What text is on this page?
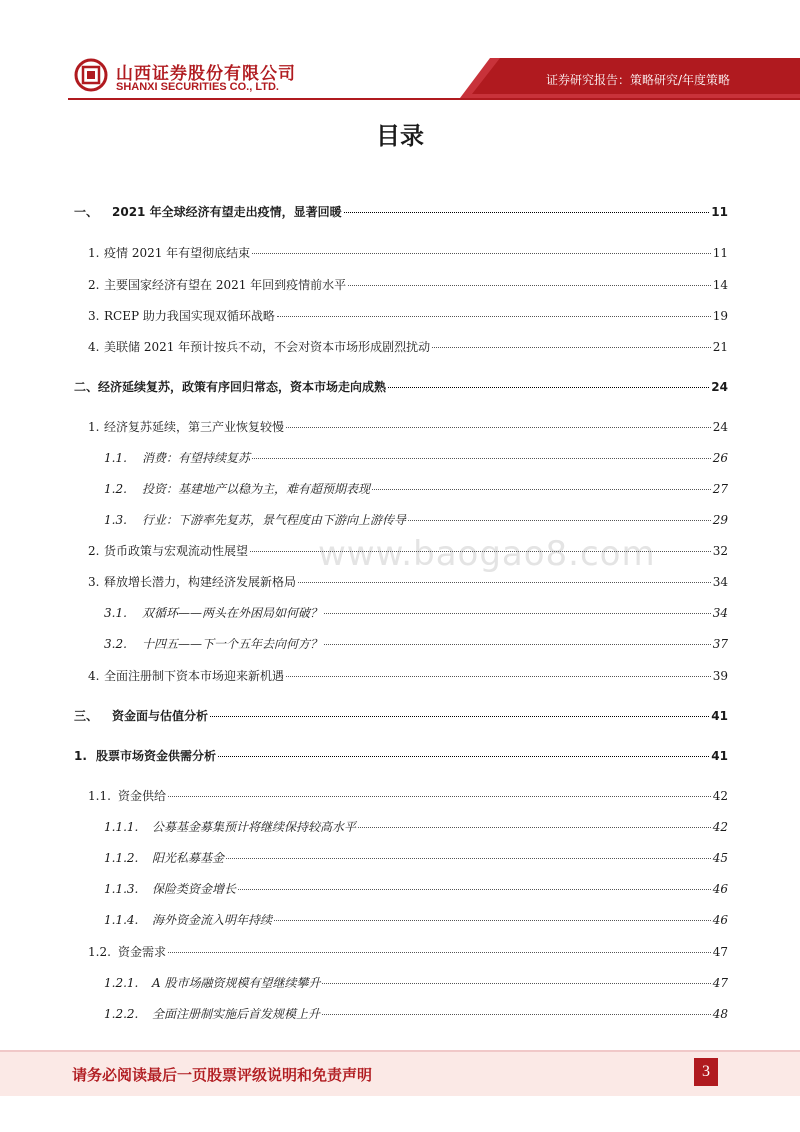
山西证券股份有限公司
SHANXI SECURITIES CO., LTD.	证券研究报告：策略研究/年度策略
目录
www.baogao8.com
一、 2021 年全球经济有望走出疫情，显著回暖	11
1. 疫情 2021 年有望彻底结束	11
2. 主要国家经济有望在 2021 年回到疫情前水平	14
3. RCEP 助力我国实现双循环战略	19
4. 美联储 2021 年预计按兵不动，不会对资本市场形成剧烈扰动	21
二、经济延续复苏，政策有序回归常态，资本市场走向成熟	24
1. 经济复苏延续，第三产业恢复较慢	24
1.1. 消费：有望持续复苏	26
1.2. 投资：基建地产以稳为主，难有超预期表现	27
1.3. 行业：下游率先复苏，景气程度由下游向上游传导	29
2. 货币政策与宏观流动性展望	32
3. 释放增长潜力，构建经济发展新格局	34
3.1. 双循环——两头在外困局如何破？	34
3.2. 十四五——下一个五年去向何方？	37
4. 全面注册制下资本市场迎来新机遇	39
三、 资金面与估值分析	41
1. 股票市场资金供需分析	41
1.1. 资金供给	42
1.1.1. 公募基金募集预计将继续保持较高水平	42
1.1.2. 阳光私募基金	45
1.1.3. 保险类资金增长	46
1.1.4. 海外资金流入明年持续	46
1.2. 资金需求	47
1.2.1. A 股市场融资规模有望继续攀升	47
1.2.2. 全面注册制实施后首发规模上升	48
请务必阅读最后一页股票评级说明和免责声明	3
